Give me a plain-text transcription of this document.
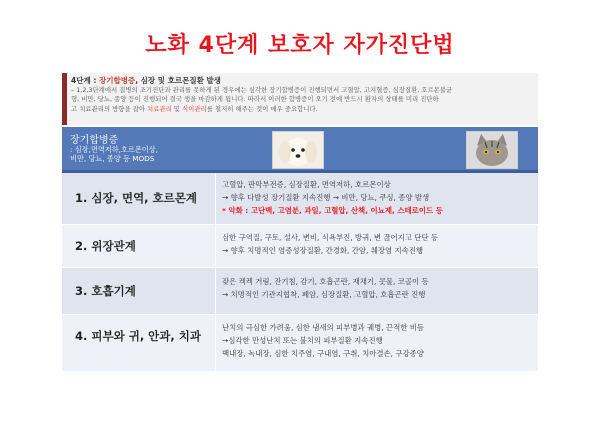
노화 4단계 보호자 자가진단법
4단계 : 장기합병증, 심장 및 호르몬질환 발생
– 1,2,3단계에서 질병의 조기진단과 관리를 못하게 된 경우에는 심각한 장기합병증이 진행되면서 고혈압, 고지혈증, 심장질환, 호르몬불균
형, 비만, 당뇨, 종양 등이 진행되어 결국 생을 마감하게 됩니다. 따라서 이러한 합병증이 오기 전에 반드시 환자의 상태를 미리 진단하
고 치료관리의 방향을 잡아 치료관리 및 식이관리를 철저히 해주는 것이 매우 중요합니다.
장기합병증
: 심장,면역저하,호르몬이상,
비만, 당뇨, 종양 등 MODS
1. 심장, 면역, 호르몬계
고혈압, 판막부전증, 심장질환, 면역저하, 호르몬이상
→ 향후 다발성 장기질환 지속진행 → 비만, 당뇨, 쿠싱, 종양 발생
* 악화 : 고단백, 고염분, 과일, 고혈압, 산책, 이뇨제, 스테로이드 등
2. 위장관계
심한 구역질, 구토, 설사, 변비, 식욕부진, 방귀, 변 끊어지고 단단 등
→ 향후 치명적인 염증성장질환, 간경화, 간암, 췌장염 지속진행
3. 호흡기계
잦은 켁켁 거림, 잔기침, 감기, 호흡곤란, 재채기, 콧물, 코골이 등
→ 치명적인 기관지협착, 폐암, 심장질환, 고혈압, 호흡곤란 진행
4. 피부와 귀, 안과, 치과
난치의 극심한 가려움, 심한 냄새의 피부병과 궤병, 끈적한 비듬
→심각한 만성난치 또는 불치의 피부질환 지속진행
백내장, 녹내장, 심한 치주염, 구내염, 구취, 치아결손, 구강종양
